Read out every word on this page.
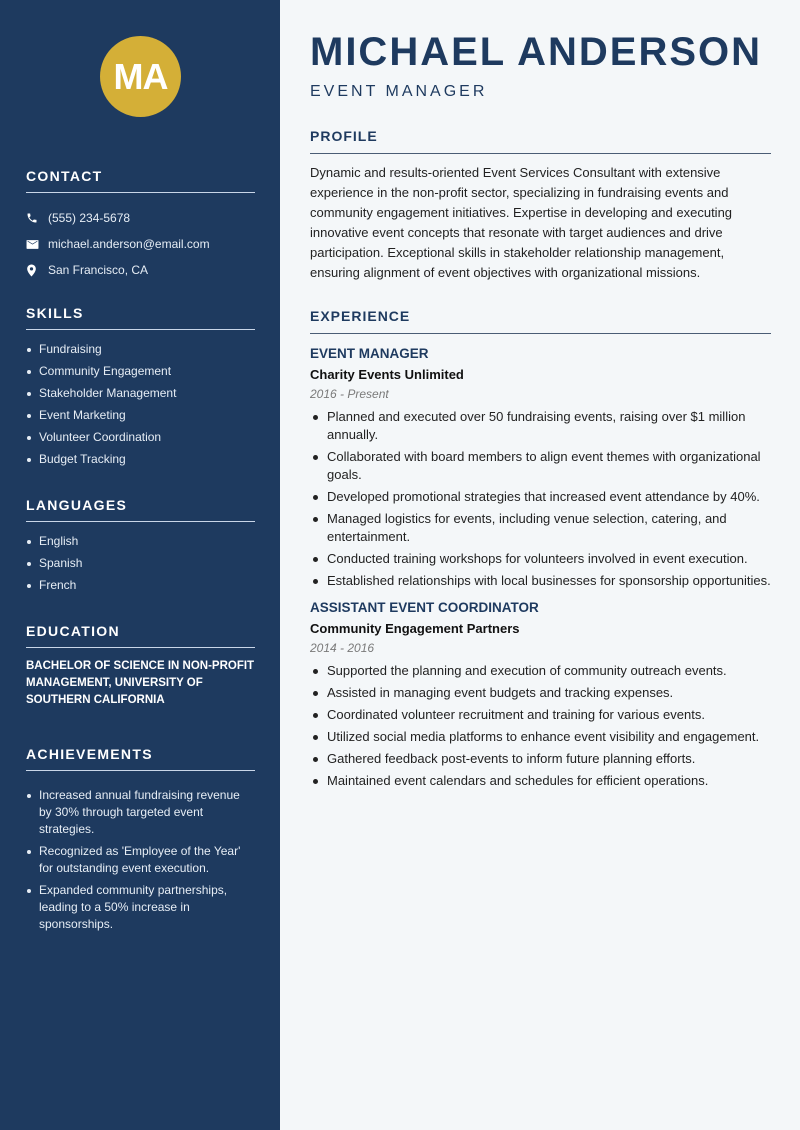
MA
CONTACT
(555) 234-5678
michael.anderson@email.com
San Francisco, CA
SKILLS
Fundraising
Community Engagement
Stakeholder Management
Event Marketing
Volunteer Coordination
Budget Tracking
LANGUAGES
English
Spanish
French
EDUCATION

BACHELOR OF SCIENCE IN NON-PROFIT MANAGEMENT, UNIVERSITY OF SOUTHERN CALIFORNIA

ACHIEVEMENTS
Increased annual fundraising revenue by 30% through targeted event strategies.
Recognized as 'Employee of the Year' for outstanding event execution.
Expanded community partnerships, leading to a 50% increase in sponsorships.
MICHAEL ANDERSON
EVENT MANAGER
PROFILE

Dynamic and results-oriented Event Services Consultant with extensive experience in the non-profit sector, specializing in fundraising events and community engagement initiatives. Expertise in developing and executing innovative event concepts that resonate with target audiences and drive participation. Exceptional skills in stakeholder relationship management, ensuring alignment of event objectives with organizational missions.

EXPERIENCE
EVENT MANAGER
Charity Events Unlimited
2016 - Present
Planned and executed over 50 fundraising events, raising over $1 million annually.
Collaborated with board members to align event themes with organizational goals.
Developed promotional strategies that increased event attendance by 40%.
Managed logistics for events, including venue selection, catering, and entertainment.
Conducted training workshops for volunteers involved in event execution.
Established relationships with local businesses for sponsorship opportunities.
ASSISTANT EVENT COORDINATOR
Community Engagement Partners
2014 - 2016
Supported the planning and execution of community outreach events.
Assisted in managing event budgets and tracking expenses.
Coordinated volunteer recruitment and training for various events.
Utilized social media platforms to enhance event visibility and engagement.
Gathered feedback post-events to inform future planning efforts.
Maintained event calendars and schedules for efficient operations.
